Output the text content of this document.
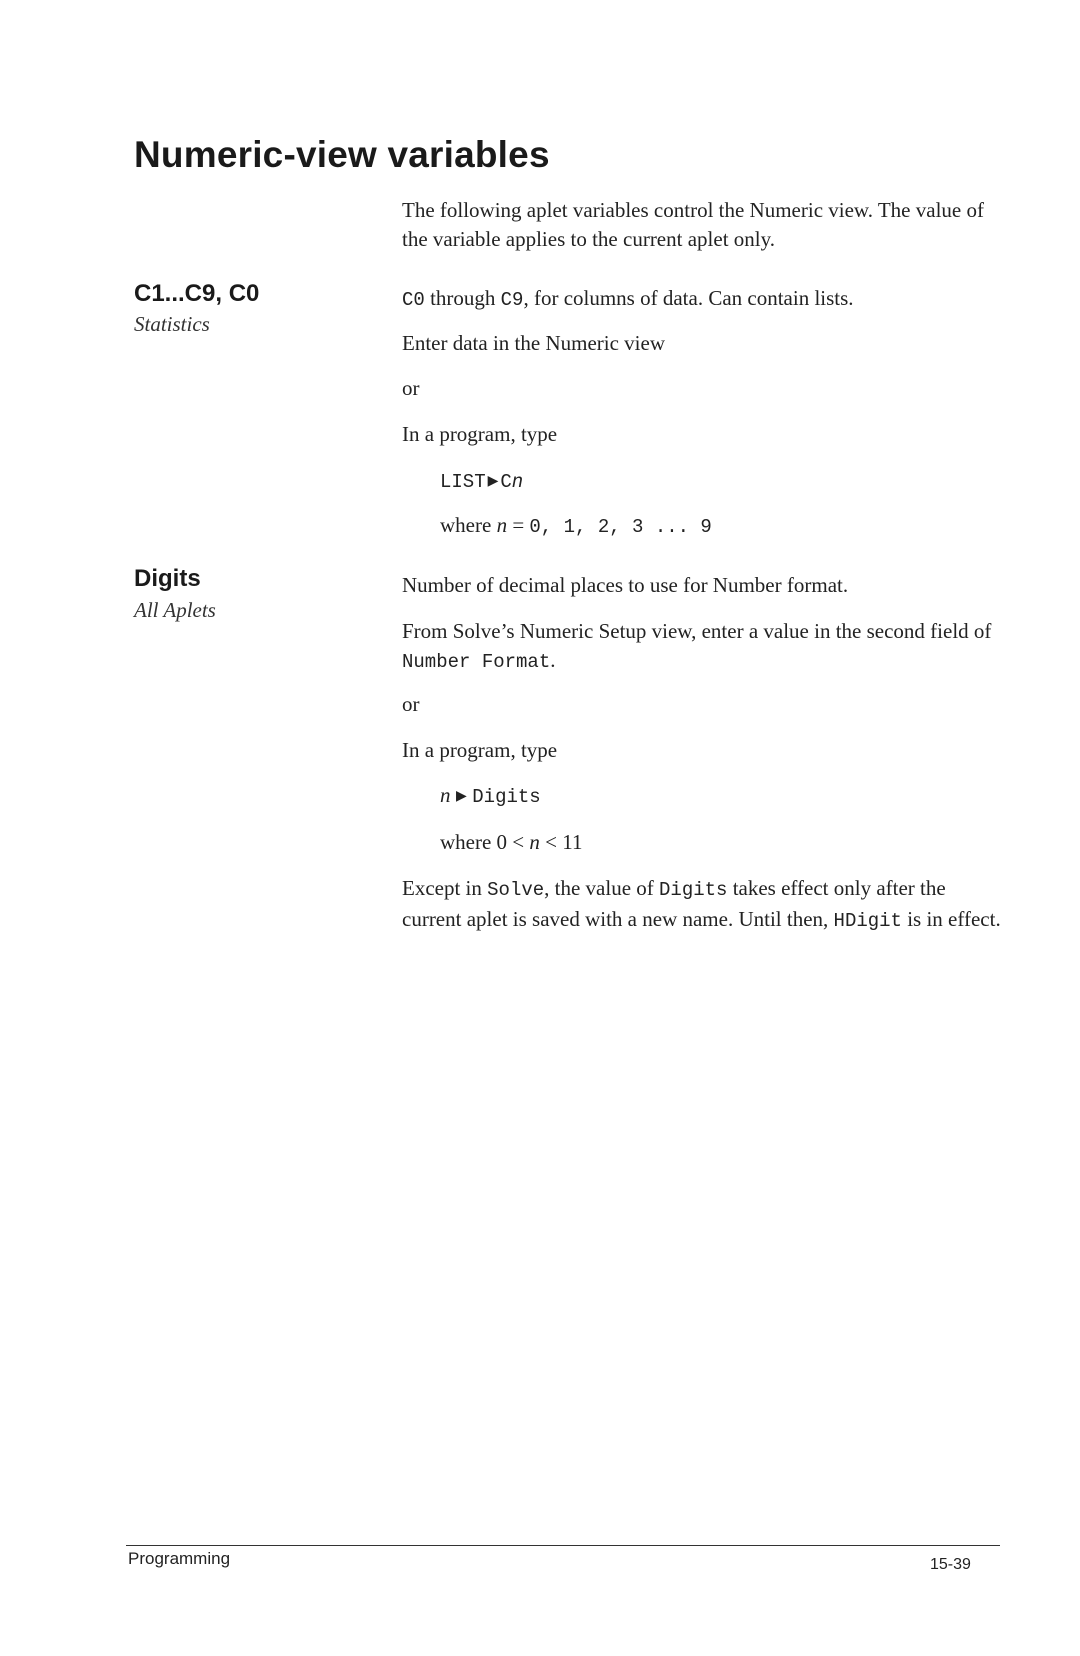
Numeric-view variables

The following aplet variables control the Numeric view. The value of the variable applies to the current aplet only.

C1...C9, C0
Statistics

C0 through C9, for columns of data. Can contain lists.

Enter data in the Numeric view

or

In a program, type

LIST ▶ Cn

where n = 0, 1, 2, 3 ... 9

Digits
All Aplets

Number of decimal places to use for Number format.

From Solve’s Numeric Setup view, enter a value in the second field of Number Format.

or

In a program, type

n ▶ Digits

where 0 < n < 11

Except in Solve, the value of Digits takes effect only after the current aplet is saved with a new name. Until then, HDigit is in effect.

Programming	15-39
